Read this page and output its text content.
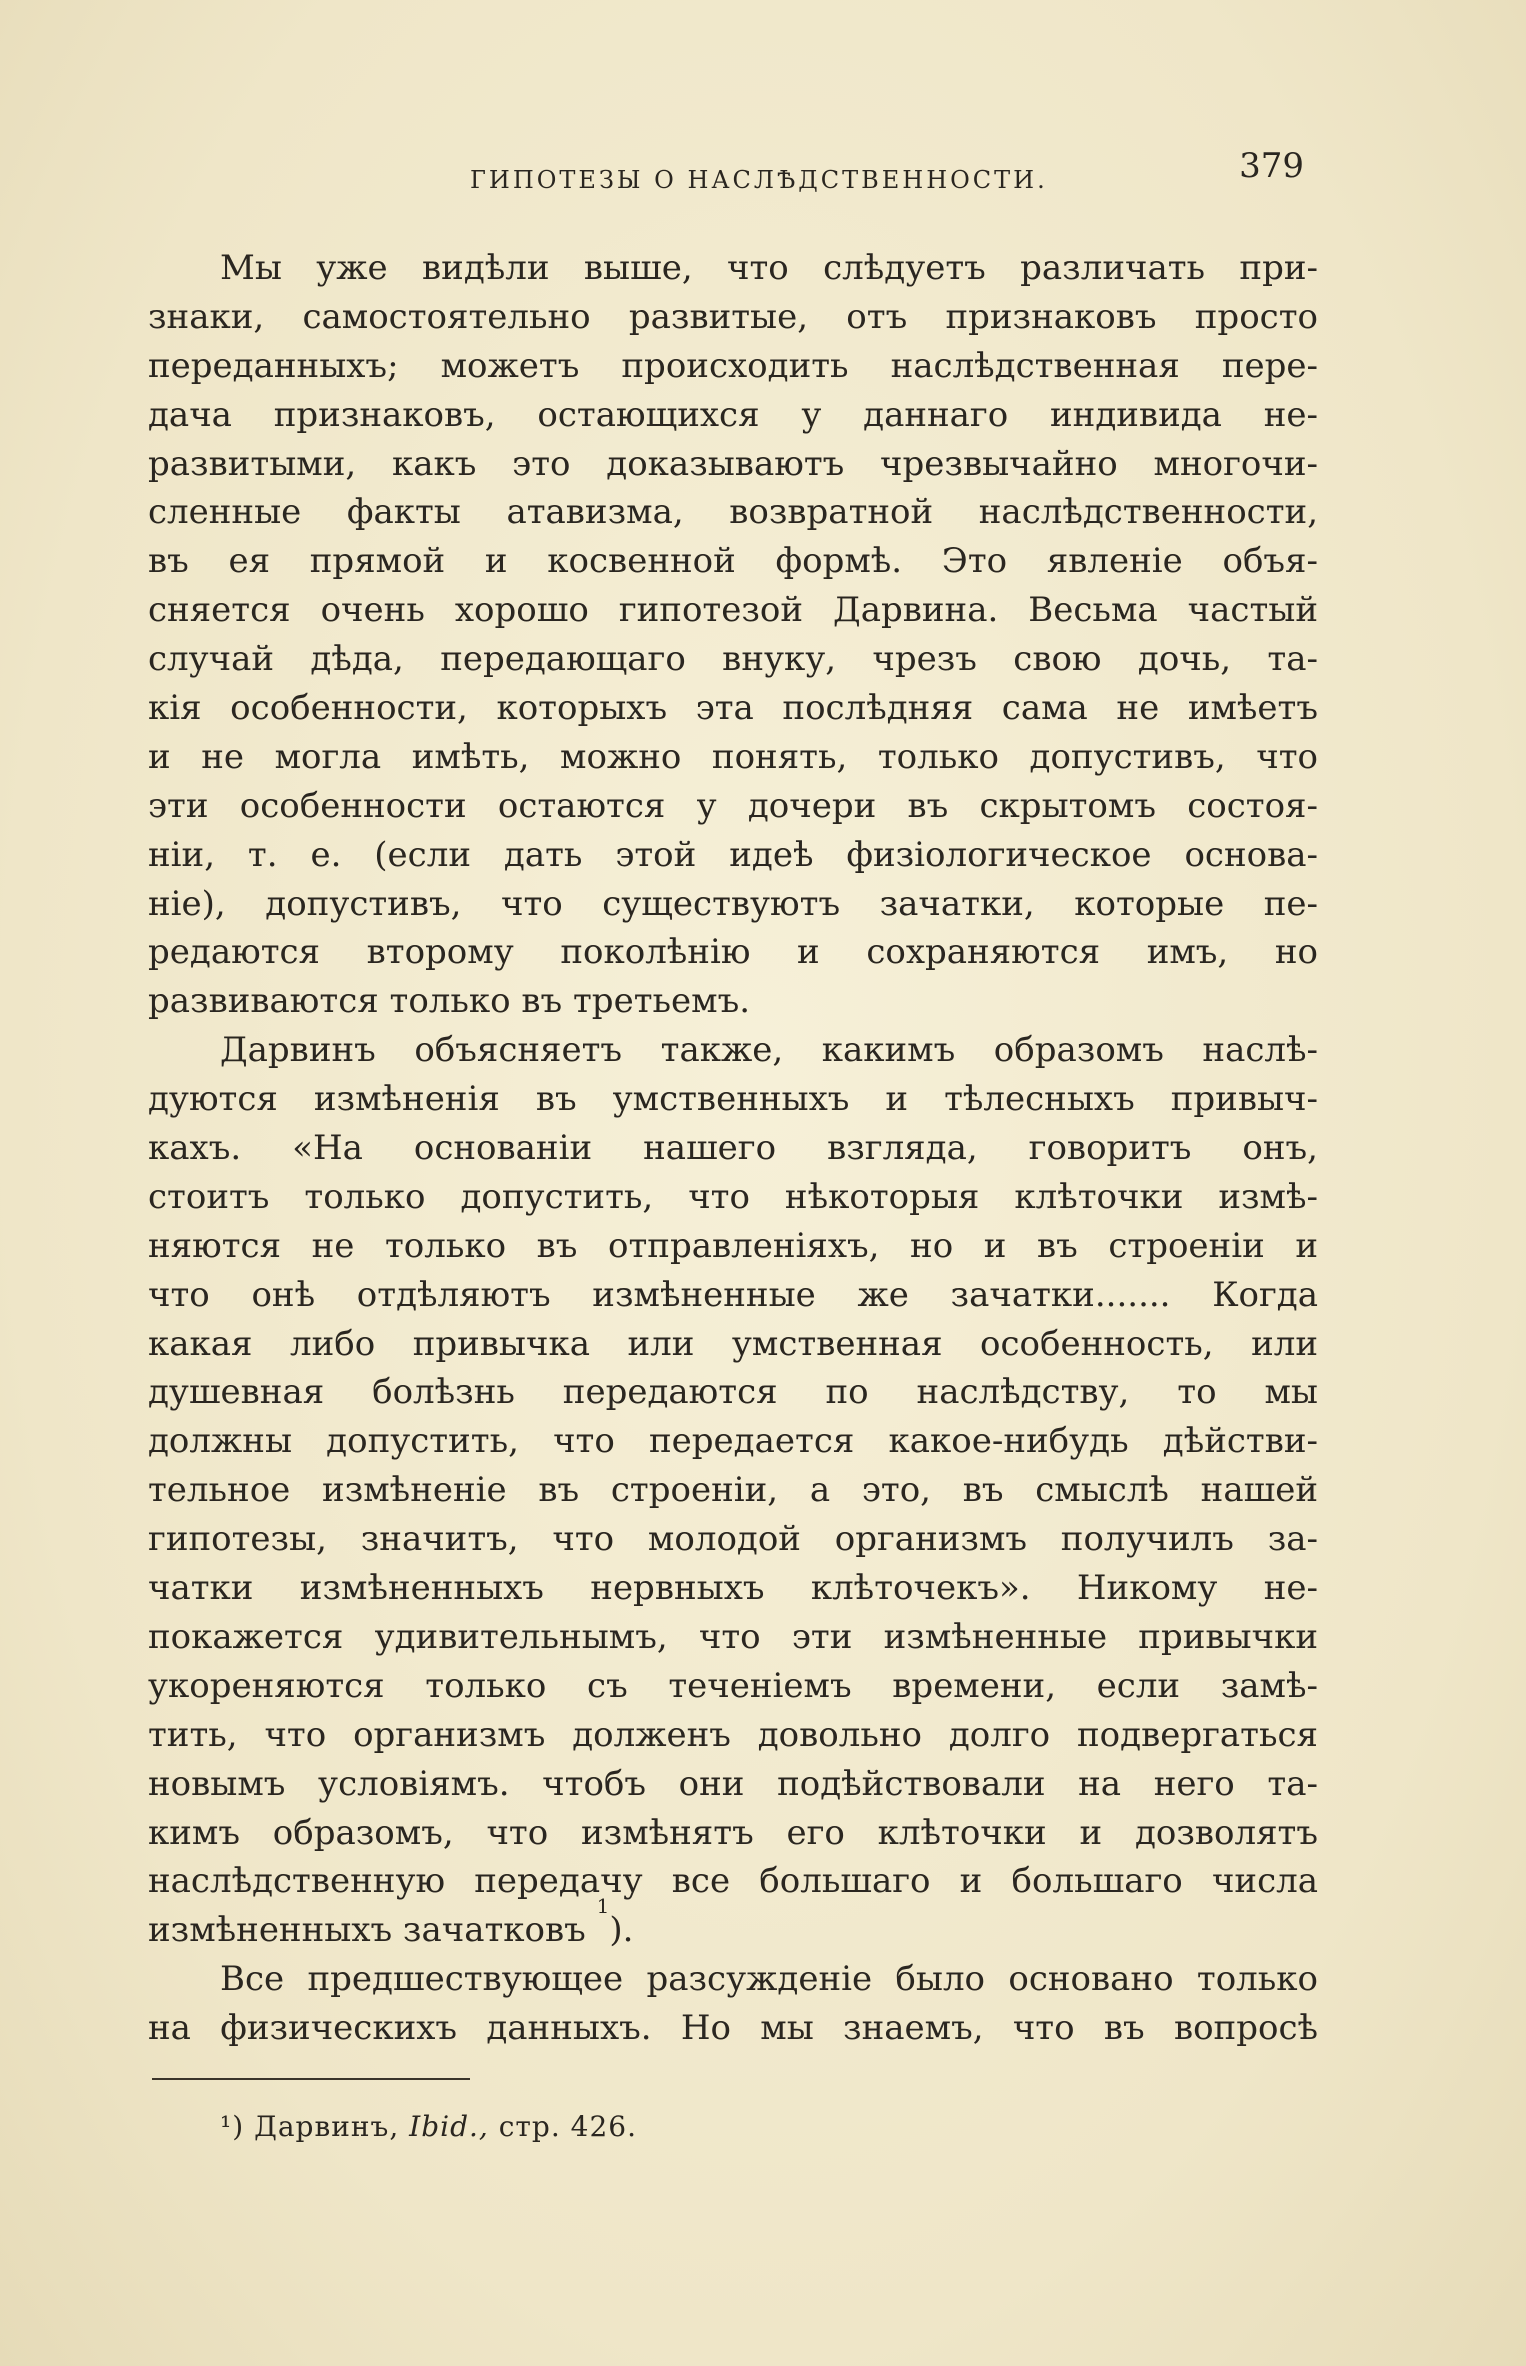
ГИПОТЕЗЫ О НАСЛѢДСТВЕННОСТИ.	379
Мы уже видѣли выше, что слѣдуетъ различать при-
знаки, самостоятельно развитые, отъ признаковъ просто
переданныхъ; можетъ происходить наслѣдственная пере-
дача признаковъ, остающихся у даннаго индивида не-
развитыми, какъ это доказываютъ чрезвычайно многочи-
сленные факты атавизма, возвратной наслѣдственности,
въ ея прямой и косвенной формѣ. Это явленіе объя-
сняется очень хорошо гипотезой Дарвина. Весьма частый
случай дѣда, передающаго внуку, чрезъ свою дочь, та-
кія особенности, которыхъ эта послѣдняя сама не имѣетъ
и не могла имѣть, можно понять, только допустивъ, что
эти особенности остаются у дочери въ скрытомъ состоя-
ніи, т. е. (если дать этой идеѣ физіологическое основа-
ніе), допустивъ, что существуютъ зачатки, которые пе-
редаются второму поколѣнію и сохраняются имъ, но
развиваются только въ третьемъ.
Дарвинъ объясняетъ также, какимъ образомъ наслѣ-
дуются измѣненія въ умственныхъ и тѣлесныхъ привыч-
кахъ. «На основаніи нашего взгляда, говоритъ онъ,
стоитъ только допустить, что нѣкоторыя клѣточки измѣ-
няются не только въ отправленіяхъ, но и въ строеніи и
что онѣ отдѣляютъ измѣненные же зачатки....... Когда
какая либо привычка или умственная особенность, или
душевная болѣзнь передаются по наслѣдству, то мы
должны допустить, что передается какое-нибудь дѣйстви-
тельное измѣненіе въ строеніи, а это, въ смыслѣ нашей
гипотезы, значитъ, что молодой организмъ получилъ за-
чатки измѣненныхъ нервныхъ клѣточекъ». Никому не-
покажется удивительнымъ, что эти измѣненные привычки
укореняются только съ теченіемъ времени, если замѣ-
тить, что организмъ долженъ довольно долго подвергаться
новымъ условіямъ. чтобъ они подѣйствовали на него та-
кимъ образомъ, что измѣнятъ его клѣточки и дозволятъ
наслѣдственную передачу все большаго и большаго числа
измѣненныхъ зачатковъ $^1$).
Все предшествующее разсужденіе было основано только
на физическихъ данныхъ. Но мы знаемъ, что въ вопросѣ
¹) Дарвинъ, Ibid., стр. 426.
